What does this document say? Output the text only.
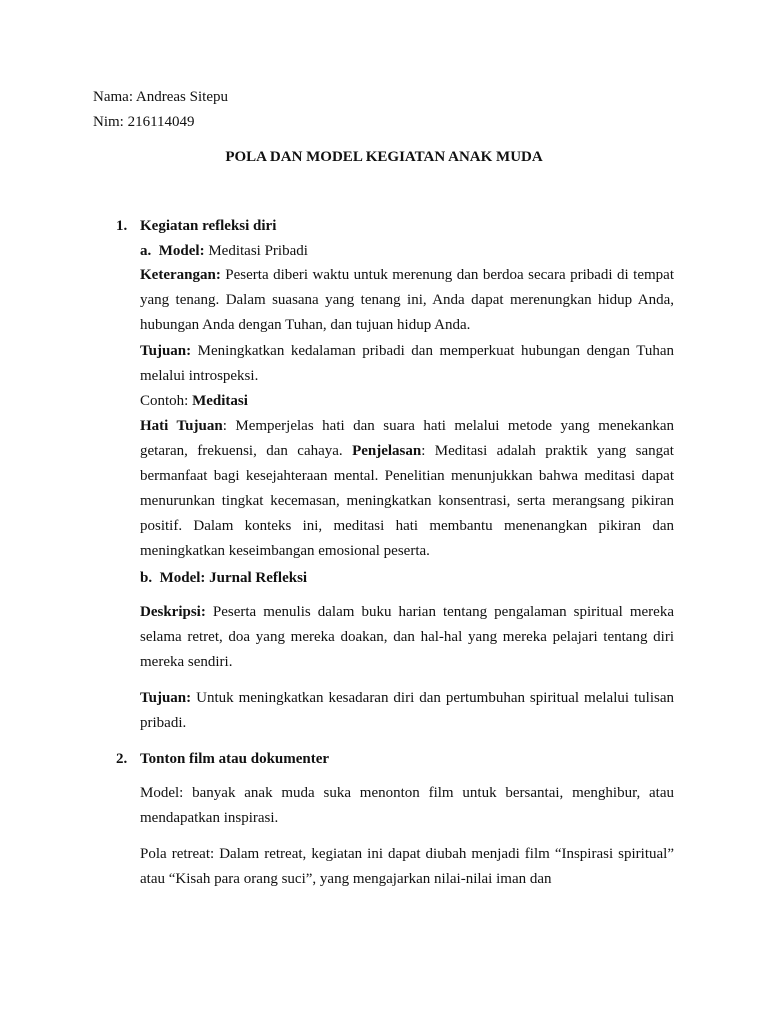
Nama: Andreas Sitepu
Nim: 216114049
POLA DAN MODEL KEGIATAN ANAK MUDA
1. Kegiatan refleksi diri
a. Model: Meditasi Pribadi
Keterangan: Peserta diberi waktu untuk merenung dan berdoa secara pribadi di tempat yang tenang. Dalam suasana yang tenang ini, Anda dapat merenungkan hidup Anda, hubungan Anda dengan Tuhan, dan tujuan hidup Anda.
Tujuan: Meningkatkan kedalaman pribadi dan memperkuat hubungan dengan Tuhan melalui introspeksi.
Contoh: Meditasi
Hati Tujuan: Memperjelas hati dan suara hati melalui metode yang menekankan getaran, frekuensi, dan cahaya. Penjelasan: Meditasi adalah praktik yang sangat bermanfaat bagi kesejahteraan mental. Penelitian menunjukkan bahwa meditasi dapat menurunkan tingkat kecemasan, meningkatkan konsentrasi, serta merangsang pikiran positif. Dalam konteks ini, meditasi hati membantu menenangkan pikiran dan meningkatkan keseimbangan emosional peserta.
b. Model: Jurnal Refleksi
Deskripsi: Peserta menulis dalam buku harian tentang pengalaman spiritual mereka selama retret, doa yang mereka doakan, dan hal-hal yang mereka pelajari tentang diri mereka sendiri.
Tujuan: Untuk meningkatkan kesadaran diri dan pertumbuhan spiritual melalui tulisan pribadi.
2. Tonton film atau dokumenter
Model: banyak anak muda suka menonton film untuk bersantai, menghibur, atau mendapatkan inspirasi.
Pola retreat: Dalam retreat, kegiatan ini dapat diubah menjadi film “Inspirasi spiritual” atau “Kisah para orang suci”, yang mengajarkan nilai-nilai iman dan
